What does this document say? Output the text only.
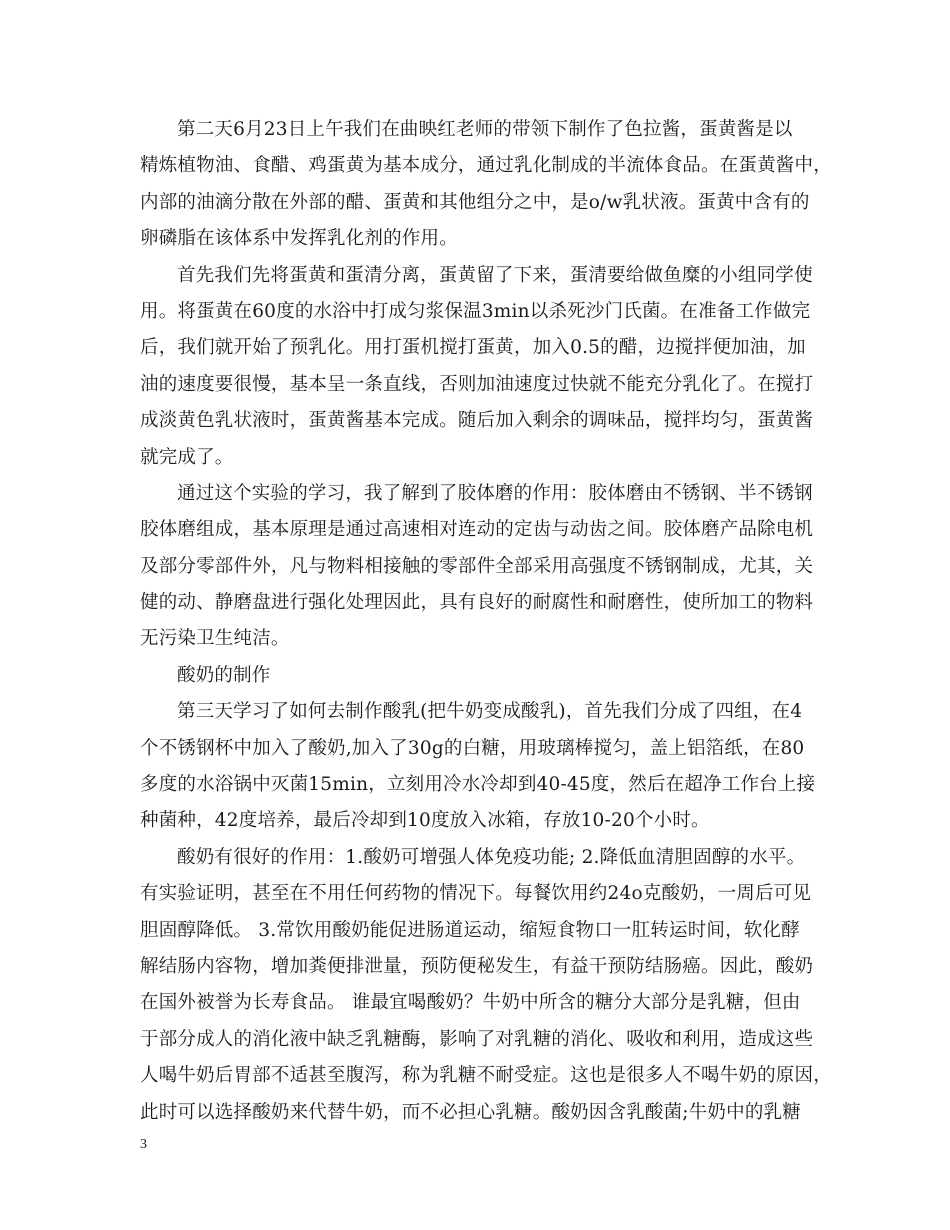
第二天6月23日上午我们在曲映红老师的带领下制作了色拉酱，蛋黄酱是以
精炼植物油、食醋、鸡蛋黄为基本成分，通过乳化制成的半流体食品。在蛋黄酱中，
内部的油滴分散在外部的醋、蛋黄和其他组分之中，是o/w乳状液。蛋黄中含有的
卵磷脂在该体系中发挥乳化剂的作用。
首先我们先将蛋黄和蛋清分离，蛋黄留了下来，蛋清要给做鱼糜的小组同学使
用。将蛋黄在60度的水浴中打成匀浆保温3min以杀死沙门氏菌。在准备工作做完
后，我们就开始了预乳化。用打蛋机搅打蛋黄，加入0.5的醋，边搅拌便加油，加
油的速度要很慢，基本呈一条直线，否则加油速度过快就不能充分乳化了。在搅打
成淡黄色乳状液时，蛋黄酱基本完成。随后加入剩余的调味品，搅拌均匀，蛋黄酱
就完成了。
通过这个实验的学习，我了解到了胶体磨的作用：胶体磨由不锈钢、半不锈钢
胶体磨组成，基本原理是通过高速相对连动的定齿与动齿之间。胶体磨产品除电机
及部分零部件外，凡与物料相接触的零部件全部采用高强度不锈钢制成，尤其，关
健的动、静磨盘进行强化处理因此，具有良好的耐腐性和耐磨性，使所加工的物料
无污染卫生纯洁。
酸奶的制作
第三天学习了如何去制作酸乳(把牛奶变成酸乳)，首先我们分成了四组，在4
个不锈钢杯中加入了酸奶,加入了30g的白糖，用玻璃棒搅匀，盖上铝箔纸，在80
多度的水浴锅中灭菌15min，立刻用冷水冷却到40-45度，然后在超净工作台上接
种菌种，42度培养，最后冷却到10度放入冰箱，存放10-20个小时。
酸奶有很好的作用：1.酸奶可增强人体免疫功能; 2.降低血清胆固醇的水平。
有实验证明，甚至在不用任何药物的情况下。每餐饮用约24o克酸奶，一周后可见
胆固醇降低。 3.常饮用酸奶能促进肠道运动，缩短食物口一肛转运时间，软化酵
解结肠内容物，增加粪便排泄量，预防便秘发生，有益干预防结肠癌。因此，酸奶
在国外被誉为长寿食品。 谁最宜喝酸奶？牛奶中所含的糖分大部分是乳糖，但由
于部分成人的消化液中缺乏乳糖酶，影响了对乳糖的消化、吸收和利用，造成这些
人喝牛奶后胃部不适甚至腹泻，称为乳糖不耐受症。这也是很多人不喝牛奶的原因，
此时可以选择酸奶来代替牛奶，而不必担心乳糖。酸奶因含乳酸菌;牛奶中的乳糖
3
